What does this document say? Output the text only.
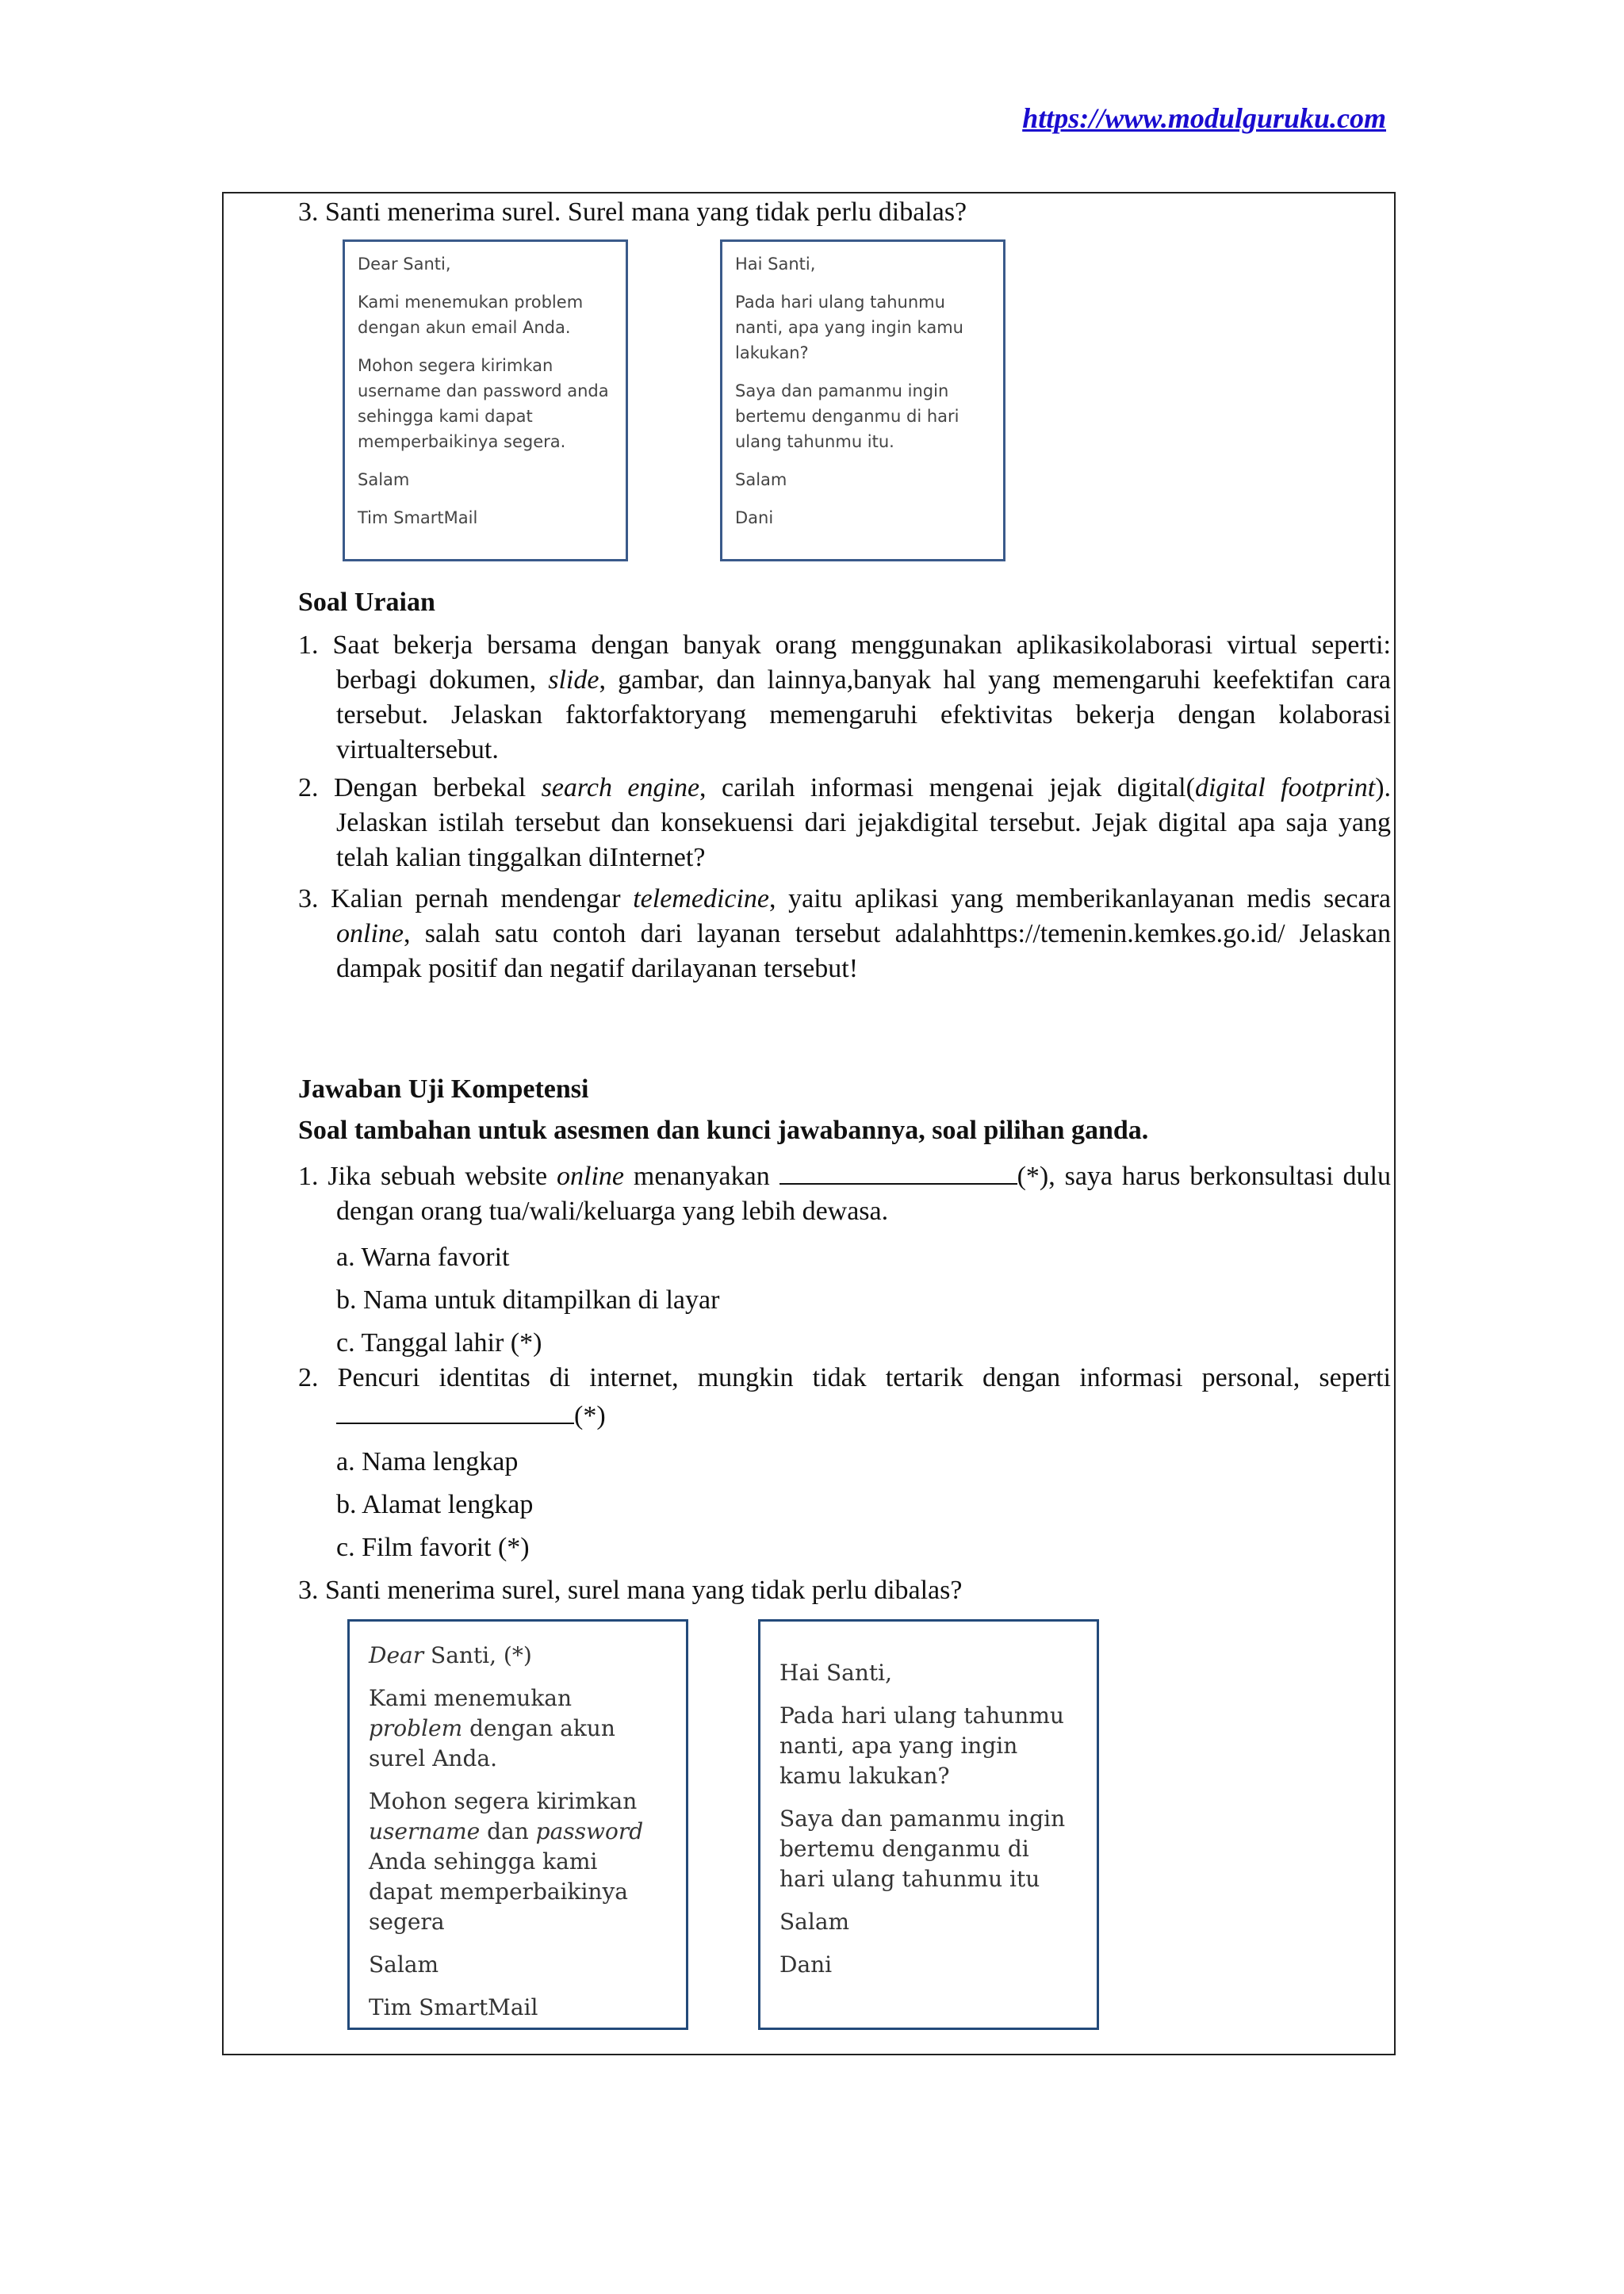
https://www.modulguruku.com
3. Santi menerima surel. Surel mana yang tidak perlu dibalas?

Dear Santi,

Kami menemukan problem dengan akun email Anda.

Mohon segera kirimkan username dan password anda sehingga kami dapat memperbaikinya segera.

Salam

Tim SmartMail

Hai Santi,

Pada hari ulang tahunmu nanti, apa yang ingin kamu lakukan?

Saya dan pamanmu ingin bertemu denganmu di hari ulang tahunmu itu.

Salam

Dani

Soal Uraian
1. Saat bekerja bersama dengan banyak orang menggunakan aplikasikolaborasi virtual seperti: berbagi dokumen, slide, gambar, dan lainnya,banyak hal yang memengaruhi keefektifan cara tersebut. Jelaskan faktorfaktoryang memengaruhi efektivitas bekerja dengan kolaborasi virtualtersebut.
2. Dengan berbekal search engine, carilah informasi mengenai jejak digital(digital footprint). Jelaskan istilah tersebut dan konsekuensi dari jejakdigital tersebut. Jejak digital apa saja yang telah kalian tinggalkan diInternet?
3. Kalian pernah mendengar telemedicine, yaitu aplikasi yang memberikanlayanan medis secara online, salah satu contoh dari layanan tersebut adalahhttps://temenin.kemkes.go.id/ Jelaskan dampak positif dan negatif darilayanan tersebut!
Jawaban Uji Kompetensi
Soal tambahan untuk asesmen dan kunci jawabannya, soal pilihan ganda.
1. Jika sebuah website online menanyakan	(*), saya harus berkonsultasi dulu dengan orang tua/wali/keluarga yang lebih dewasa.
a. Warna favorit
b. Nama untuk ditampilkan di layar
c. Tanggal lahir (*)
2. Pencuri identitas di internet, mungkin tidak tertarik dengan informasi personal, seperti (*)
a. Nama lengkap
b. Alamat lengkap
c. Film favorit (*)
3. Santi menerima surel, surel mana yang tidak perlu dibalas?

Dear Santi, (*)

Kami menemukan problem dengan akun surel Anda.

Mohon segera kirimkan username dan password Anda sehingga kami dapat memperbaikinya segera

Salam

Tim SmartMail

Hai Santi,

Pada hari ulang tahunmu nanti, apa yang ingin kamu lakukan?

Saya dan pamanmu ingin bertemu denganmu di hari ulang tahunmu itu

Salam

Dani
